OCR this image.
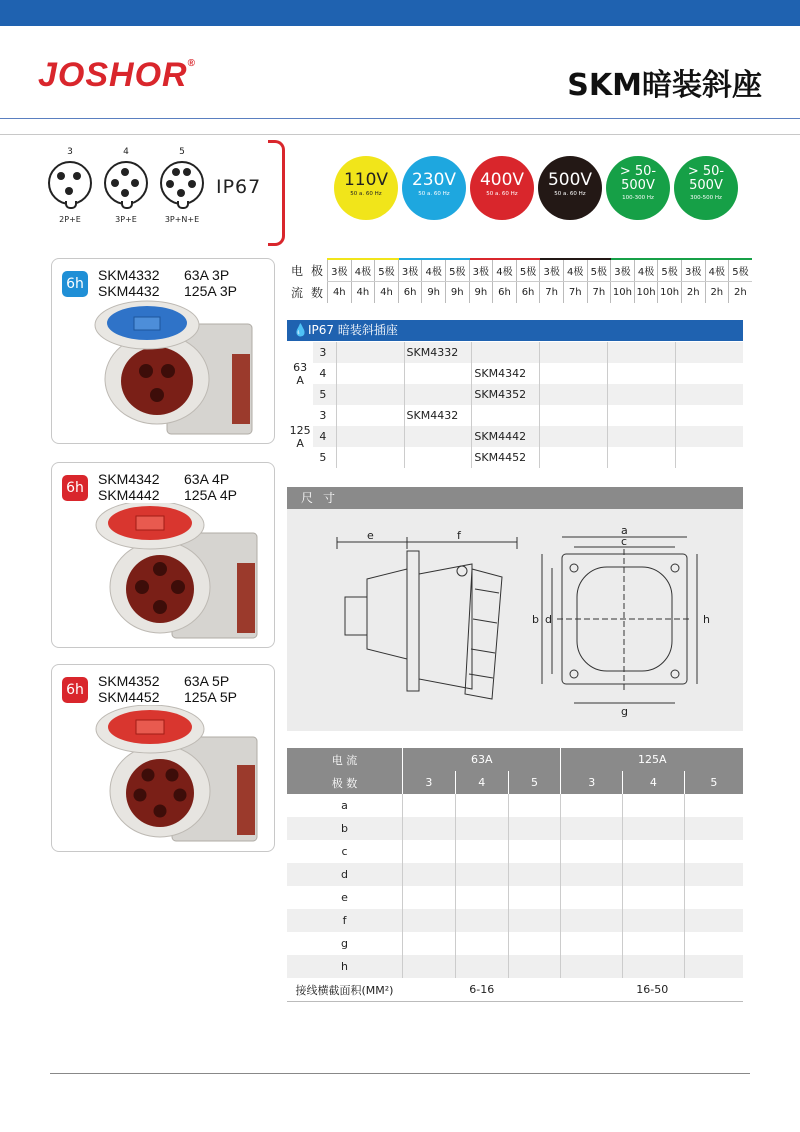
JOSHOR®
SKM暗装斜座
3
2P+E
4
3P+E
5
3P+N+E
IP67	110V
50 a. 60 Hz
230V
50 a. 60 Hz
400V
50 a. 60 Hz
500V
50 a. 60 Hz
> 50-
500V
100-300 Hz
> 50-
500V
300-500 Hz
6h
SKM4332 63A 3P
SKM4432 125A 3P
6h
SKM4342 63A 4P
SKM4442 125A 4P
6h
SKM4352 63A 5P
SKM4452 125A 5P
电	极	3极	4极	5极	3极	4极	5极	3极	4极	5极	3极	4极	5极	3极	4极	5极	3极	4极	5极
流	数	4h	4h	4h	6h	9h	9h	9h	6h	6h	7h	7h	7h	10h	10h	10h	2h	2h	2h
💧IP67 暗装斜插座
63
A	3		SKM4332				
	4			SKM4342			
	5			SKM4352			
125
A	3		SKM4432				
	4			SKM4442			
	5			SKM4452			
尺寸
e	f	a
c
b d	h
g
电 流	63A			125A		
极 数	3	4	5	3	4	5
a						
b						
c						
d						
e						
f						
g						
h						
接线横截面积(MM²)	6-16			16-50		
